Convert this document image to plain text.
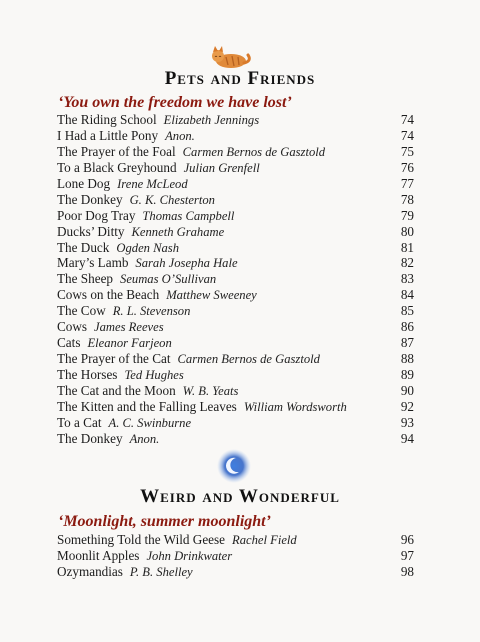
Pets and Friends
‘You own the freedom we have lost’
The Riding School Elizabeth Jennings	74
I Had a Little Pony Anon.	74
The Prayer of the Foal Carmen Bernos de Gasztold	75
To a Black Greyhound Julian Grenfell	76
Lone Dog Irene McLeod	77
The Donkey G. K. Chesterton	78
Poor Dog Tray Thomas Campbell	79
Ducks’ Ditty Kenneth Grahame	80
The Duck Ogden Nash	81
Mary’s Lamb Sarah Josepha Hale	82
The Sheep Seumas O’Sullivan	83
Cows on the Beach Matthew Sweeney	84
The Cow R. L. Stevenson	85
Cows James Reeves	86
Cats Eleanor Farjeon	87
The Prayer of the Cat Carmen Bernos de Gasztold	88
The Horses Ted Hughes	89
The Cat and the Moon W. B. Yeats	90
The Kitten and the Falling Leaves William Wordsworth	92
To a Cat A. C. Swinburne	93
The Donkey Anon.	94
Weird and Wonderful
‘Moonlight, summer moonlight’
Something Told the Wild Geese Rachel Field	96
Moonlit Apples John Drinkwater	97
Ozymandias P. B. Shelley	98
